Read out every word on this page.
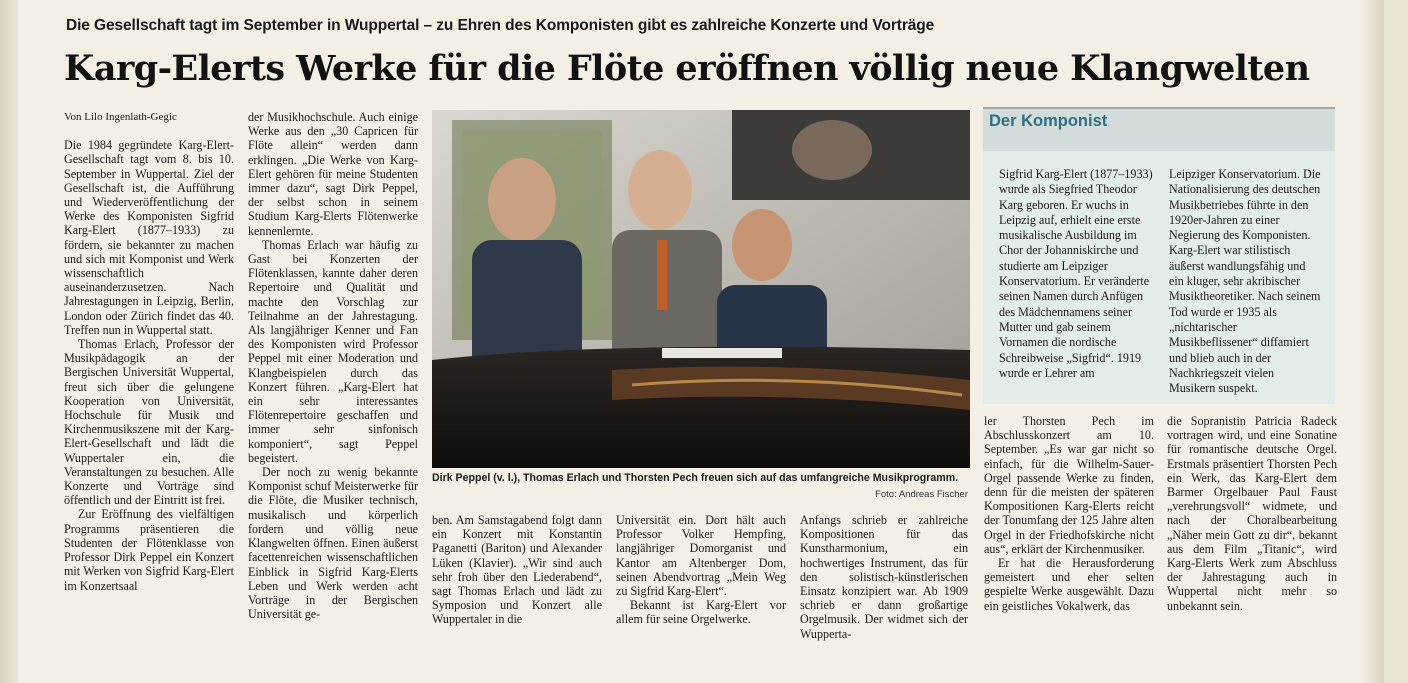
Die Gesellschaft tagt im September in Wuppertal – zu Ehren des Komponisten gibt es zahlreiche Konzerte und Vorträge
Karg-Elerts Werke für die Flöte eröffnen völlig neue Klangwelten

Von Lilo Ingenlath-Gegic

Die 1984 gegründete Karg-Elert-Gesellschaft tagt vom 8. bis 10. September in Wuppertal. Ziel der Gesellschaft ist, die Aufführung und Wiederveröffentlichung der Werke des Komponisten Sigfrid Karg-Elert (1877–1933) zu fördern, sie bekannter zu machen und sich mit Komponist und Werk wissenschaftlich auseinanderzusetzen. Nach Jahrestagungen in Leipzig, Berlin, London oder Zürich findet das 40. Treffen nun in Wuppertal statt.

Thomas Erlach, Professor der Musikpädagogik an der Bergischen Universität Wuppertal, freut sich über die gelungene Kooperation von Universität, Hochschule für Musik und Kirchenmusikszene mit der Karg-Elert-Gesellschaft und lädt die Wuppertaler ein, die Veranstaltungen zu besuchen. Alle Konzerte und Vorträge sind öffentlich und der Eintritt ist frei.

Zur Eröffnung des vielfältigen Programms präsentieren die Studenten der Flötenklasse von Professor Dirk Peppel ein Konzert mit Werken von Sigfrid Karg-Elert im Konzertsaal

der Musikhochschule. Auch einige Werke aus den „30 Capricen für Flöte allein“ werden dann erklingen. „Die Werke von Karg-Elert gehören für meine Studenten immer dazu“, sagt Dirk Peppel, der selbst schon in seinem Studium Karg-Elerts Flötenwerke kennenlernte.

Thomas Erlach war häufig zu Gast bei Konzerten der Flötenklassen, kannte daher deren Repertoire und Qualität und machte den Vorschlag zur Teilnahme an der Jahrestagung. Als langjähriger Kenner und Fan des Komponisten wird Professor Peppel mit einer Moderation und Klangbeispielen durch das Konzert führen. „Karg-Elert hat ein sehr interessantes Flötenrepertoire geschaffen und immer sehr sinfonisch komponiert“, sagt Peppel begeistert.

Der noch zu wenig bekannte Komponist schuf Meisterwerke für die Flöte, die Musiker technisch, musikalisch und körperlich fordern und völlig neue Klangwelten öffnen. Einen äußerst facettenreichen wissenschaftlichen Einblick in Sigfrid Karg-Elerts Leben und Werk werden acht Vorträge in der Bergischen Universität ge-

Dirk Peppel (v. l.), Thomas Erlach und Thorsten Pech freuen sich auf das umfangreiche Musikprogramm.
Foto: Andreas Fischer
Der Komponist

Sigfrid Karg-Elert (1877–1933) wurde als Siegfried Theodor Karg geboren. Er wuchs in Leipzig auf, erhielt eine erste musikalische Ausbildung im Chor der Johanniskirche und studierte am Leipziger Konservatorium. Er veränderte seinen Namen durch Anfügen des Mädchennamens seiner Mutter und gab seinem Vornamen die nordische Schreibweise „Sigfrid“. 1919 wurde er Lehrer am

Leipziger Konservatorium. Die Nationalisierung des deutschen Musikbetriebes führte in den 1920er-Jahren zu einer Negierung des Komponisten. Karg-Elert war stilistisch äußerst wandlungsfähig und ein kluger, sehr akribischer Musiktheoretiker. Nach seinem Tod wurde er 1935 als „nichtarischer Musikbeflissener“ diffamiert und blieb auch in der Nachkriegszeit vielen Musikern suspekt.

ben. Am Samstagabend folgt dann ein Konzert mit Konstantin Paganetti (Bariton) und Alexander Lüken (Klavier). „Wir sind auch sehr froh über den Liederabend“, sagt Thomas Erlach und lädt zu Symposion und Konzert alle Wuppertaler in die

Universität ein. Dort hält auch Professor Volker Hempfing, langjähriger Domorganist und Kantor am Altenberger Dom, seinen Abendvortrag „Mein Weg zu Sigfrid Karg-Elert“.

Bekannt ist Karg-Elert vor allem für seine Orgelwerke.

Anfangs schrieb er zahlreiche Kompositionen für das Kunstharmonium, ein hochwertiges Instrument, das für den solistisch-künstlerischen Einsatz konzipiert war. Ab 1909 schrieb er dann großartige Orgelmusik. Der widmet sich der Wupperta-

ler Thorsten Pech im Abschlusskonzert am 10. September. „Es war gar nicht so einfach, für die Wilhelm-Sauer-Orgel passende Werke zu finden, denn für die meisten der späteren Kompositionen Karg-Elerts reicht der Tonumfang der 125 Jahre alten Orgel in der Friedhofskirche nicht aus“, erklärt der Kirchenmusiker.

Er hat die Herausforderung gemeistert und eher selten gespielte Werke ausgewählt. Dazu ein geistliches Vokalwerk, das

die Sopranistin Patricia Radeck vortragen wird, und eine Sonatine für romantische deutsche Orgel. Erstmals präsentiert Thorsten Pech ein Werk, das Karg-Elert dem Barmer Orgelbauer Paul Faust „verehrungsvoll“ widmete, und nach der Choralbearbeitung „Näher mein Gott zu dir“, bekannt aus dem Film „Titanic“, wird Karg-Elerts Werk zum Abschluss der Jahrestagung auch in Wuppertal nicht mehr so unbekannt sein.
